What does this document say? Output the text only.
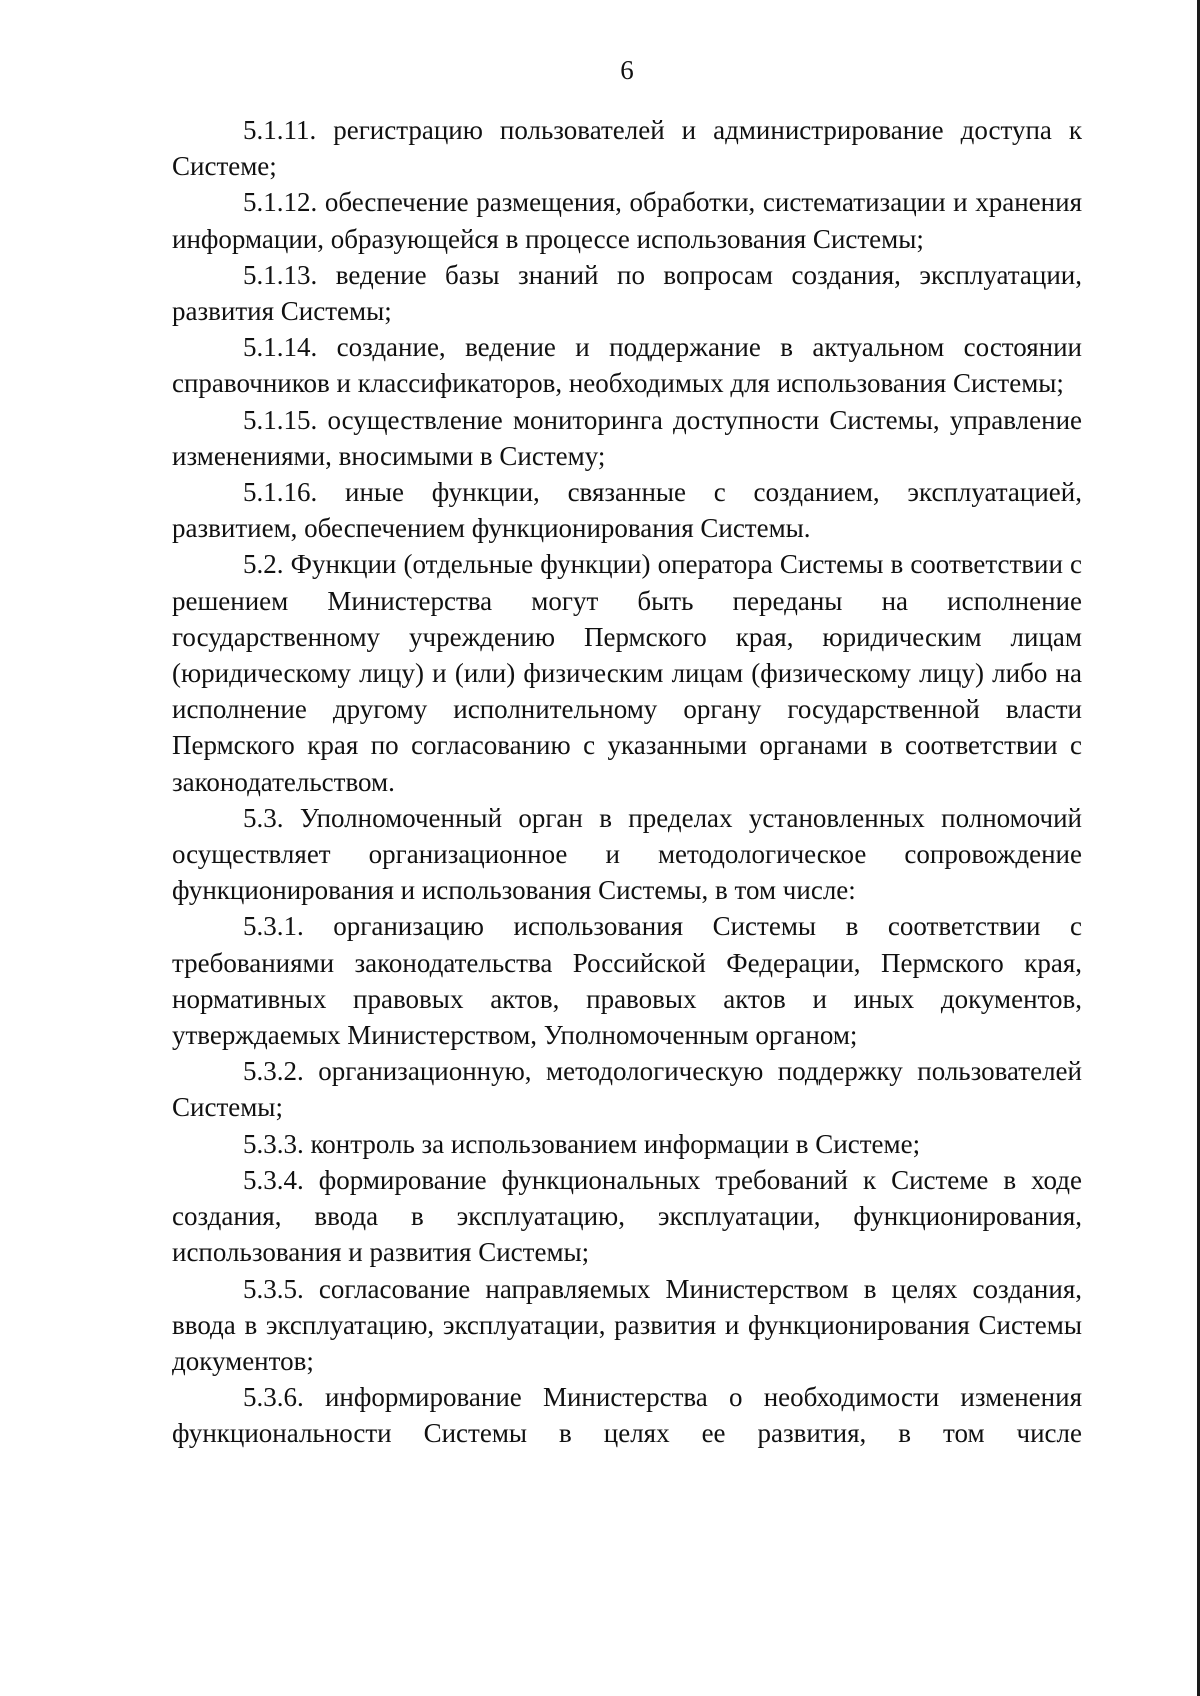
6

5.1.11. регистрацию пользователей и администрирование доступа к Системе;

5.1.12. обеспечение размещения, обработки, систематизации и хранения информации, образующейся в процессе использования Системы;

5.1.13. ведение базы знаний по вопросам создания, эксплуатации, развития Системы;

5.1.14. создание, ведение и поддержание в актуальном состоянии справочников и классификаторов, необходимых для использования Системы;

5.1.15. осуществление мониторинга доступности Системы, управление изменениями, вносимыми в Систему;

5.1.16. иные функции, связанные с созданием, эксплуатацией, развитием, обеспечением функционирования Системы.

5.2. Функции (отдельные функции) оператора Системы в соответствии с решением Министерства могут быть переданы на исполнение государственному учреждению Пермского края, юридическим лицам (юридическому лицу) и (или) физическим лицам (физическому лицу) либо на исполнение другому исполнительному органу государственной власти Пермского края по согласованию с указанными органами в соответствии с законодательством.

5.3. Уполномоченный орган в пределах установленных полномочий осуществляет организационное и методологическое сопровождение функционирования и использования Системы, в том числе:

5.3.1. организацию использования Системы в соответствии с требованиями законодательства Российской Федерации, Пермского края, нормативных правовых актов, правовых актов и иных документов, утверждаемых Министерством, Уполномоченным органом;

5.3.2. организационную, методологическую поддержку пользователей Системы;

5.3.3. контроль за использованием информации в Системе;

5.3.4. формирование функциональных требований к Системе в ходе создания, ввода в эксплуатацию, эксплуатации, функционирования, использования и развития Системы;

5.3.5. согласование направляемых Министерством в целях создания, ввода в эксплуатацию, эксплуатации, развития и функционирования Системы документов;

5.3.6. информирование Министерства о необходимости изменения функциональности Системы в целях ее развития, в том числе
